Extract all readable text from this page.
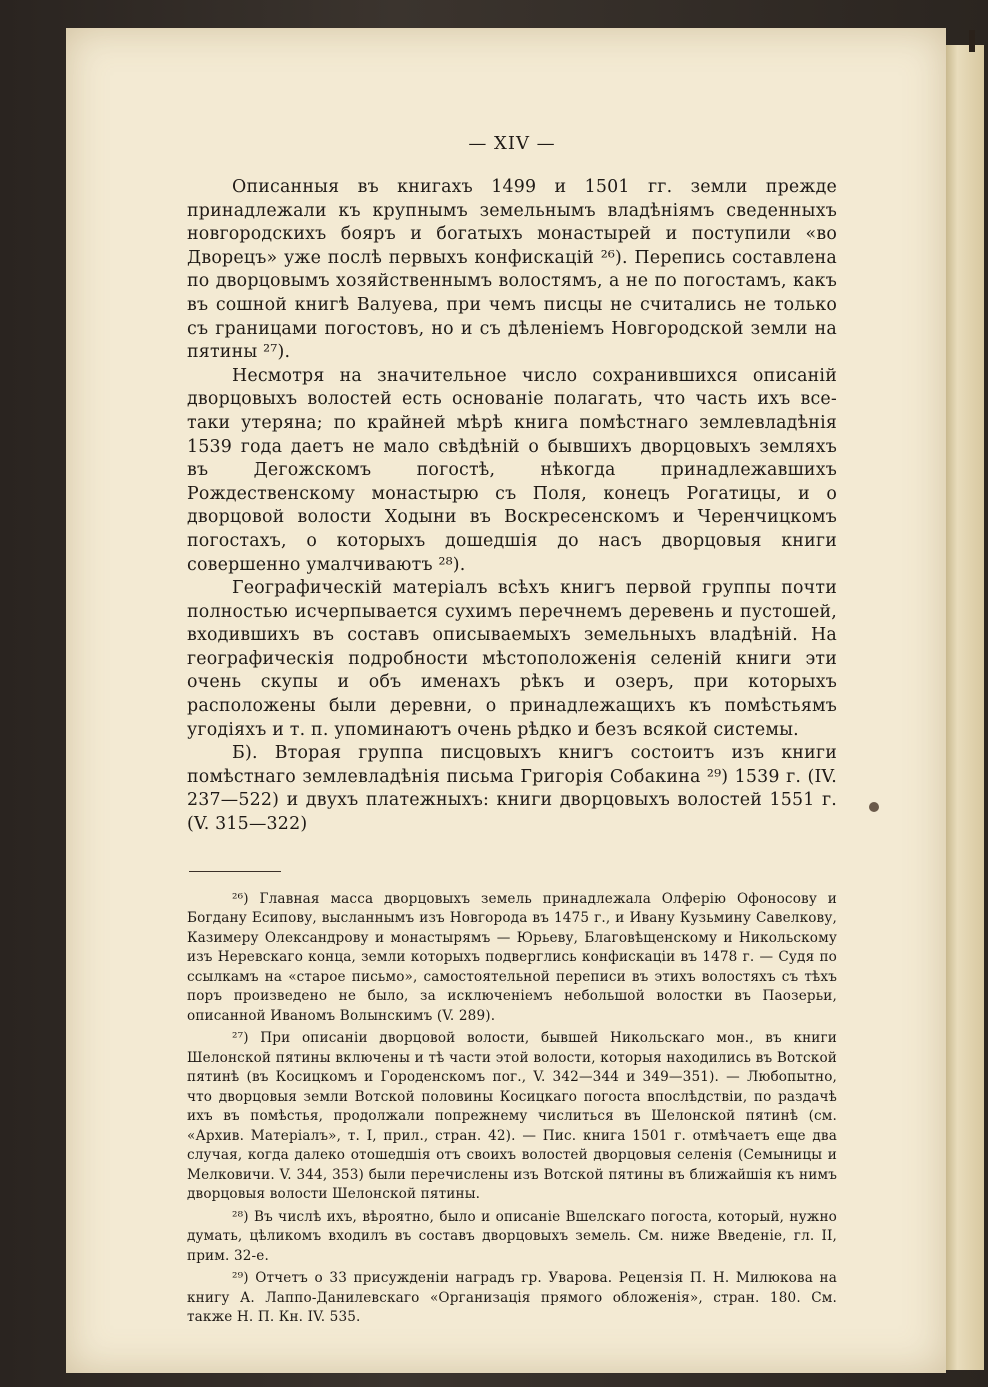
— XIV —

Описанныя въ книгахъ 1499 и 1501 гг. земли прежде принадлежали къ крупнымъ земельнымъ владѣніямъ сведенныхъ новгородскихъ бояръ и богатыхъ монастырей и поступили «во Дворецъ» уже послѣ первыхъ конфискацій ²⁶). Перепись составлена по дворцовымъ хозяйственнымъ волостямъ, а не по погостамъ, какъ въ сошной книгѣ Валуева, при чемъ писцы не считались не только съ границами погостовъ, но и съ дѣленіемъ Новгородской земли на пятины ²⁷).

Несмотря на значительное число сохранившихся описаній дворцовыхъ волостей есть основаніе полагать, что часть ихъ все-таки утеряна; по крайней мѣрѣ книга помѣстнаго землевладѣнія 1539 года даетъ не мало свѣдѣній о бывшихъ дворцовыхъ земляхъ въ Дегожскомъ погостѣ, нѣкогда принадлежавшихъ Рождественскому монастырю съ Поля, конецъ Рогатицы, и о дворцовой волости Ходыни въ Воскресенскомъ и Черенчицкомъ погостахъ, о которыхъ дошедшія до насъ дворцовыя книги совершенно умалчиваютъ ²⁸).

Географическій матеріалъ всѣхъ книгъ первой группы почти полностью исчерпывается сухимъ перечнемъ деревень и пустошей, входившихъ въ составъ описываемыхъ земельныхъ владѣній. На географическія подробности мѣстоположенія селеній книги эти очень скупы и объ именахъ рѣкъ и озеръ, при которыхъ расположены были деревни, о принадлежащихъ къ помѣстьямъ угодіяхъ и т. п. упоминаютъ очень рѣдко и безъ всякой системы.

Б). Вторая группа писцовыхъ книгъ состоитъ изъ книги помѣстнаго землевладѣнія письма Григорія Собакина ²⁹) 1539 г. (IV. 237—522) и двухъ платежныхъ: книги дворцовыхъ волостей 1551 г. (V. 315—322)

²⁶) Главная масса дворцовыхъ земель принадлежала Олферію Офоносову и Богдану Есипову, высланнымъ изъ Новгорода въ 1475 г., и Ивану Кузьмину Савелкову, Казимеру Олександрову и монастырямъ — Юрьеву, Благовѣщенскому и Никольскому изъ Неревскаго конца, земли которыхъ подверглись конфискаціи въ 1478 г. — Судя по ссылкамъ на «старое письмо», самостоятельной переписи въ этихъ волостяхъ съ тѣхъ поръ произведено не было, за исключеніемъ небольшой волостки въ Паозерьи, описанной Иваномъ Волынскимъ (V. 289).

²⁷) При описаніи дворцовой волости, бывшей Никольскаго мон., въ книги Шелонской пятины включены и тѣ части этой волости, которыя находились въ Вотской пятинѣ (въ Косицкомъ и Городенскомъ пог., V. 342—344 и 349—351). — Любопытно, что дворцовыя земли Вотской половины Косицкаго погоста впослѣдствіи, по раздачѣ ихъ въ помѣстья, продолжали попрежнему числиться въ Шелонской пятинѣ (см. «Архив. Матеріалъ», т. I, прил., стран. 42). — Пис. книга 1501 г. отмѣчаетъ еще два случая, когда далеко отошедшія отъ своихъ волостей дворцовыя селенія (Семыницы и Мелковичи. V. 344, 353) были перечислены изъ Вотской пятины въ ближайшія къ нимъ дворцовыя волости Шелонской пятины.

²⁸) Въ числѣ ихъ, вѣроятно, было и описаніе Вшелскаго погоста, который, нужно думать, цѣликомъ входилъ въ составъ дворцовыхъ земель. См. ниже Введеніе, гл. II, прим. 32-е.

²⁹) Отчетъ о 33 присужденіи наградъ гр. Уварова. Рецензія П. Н. Милюкова на книгу А. Лаппо-Данилевскаго «Организація прямого обложенія», стран. 180. См. также Н. П. Кн. IV. 535.
